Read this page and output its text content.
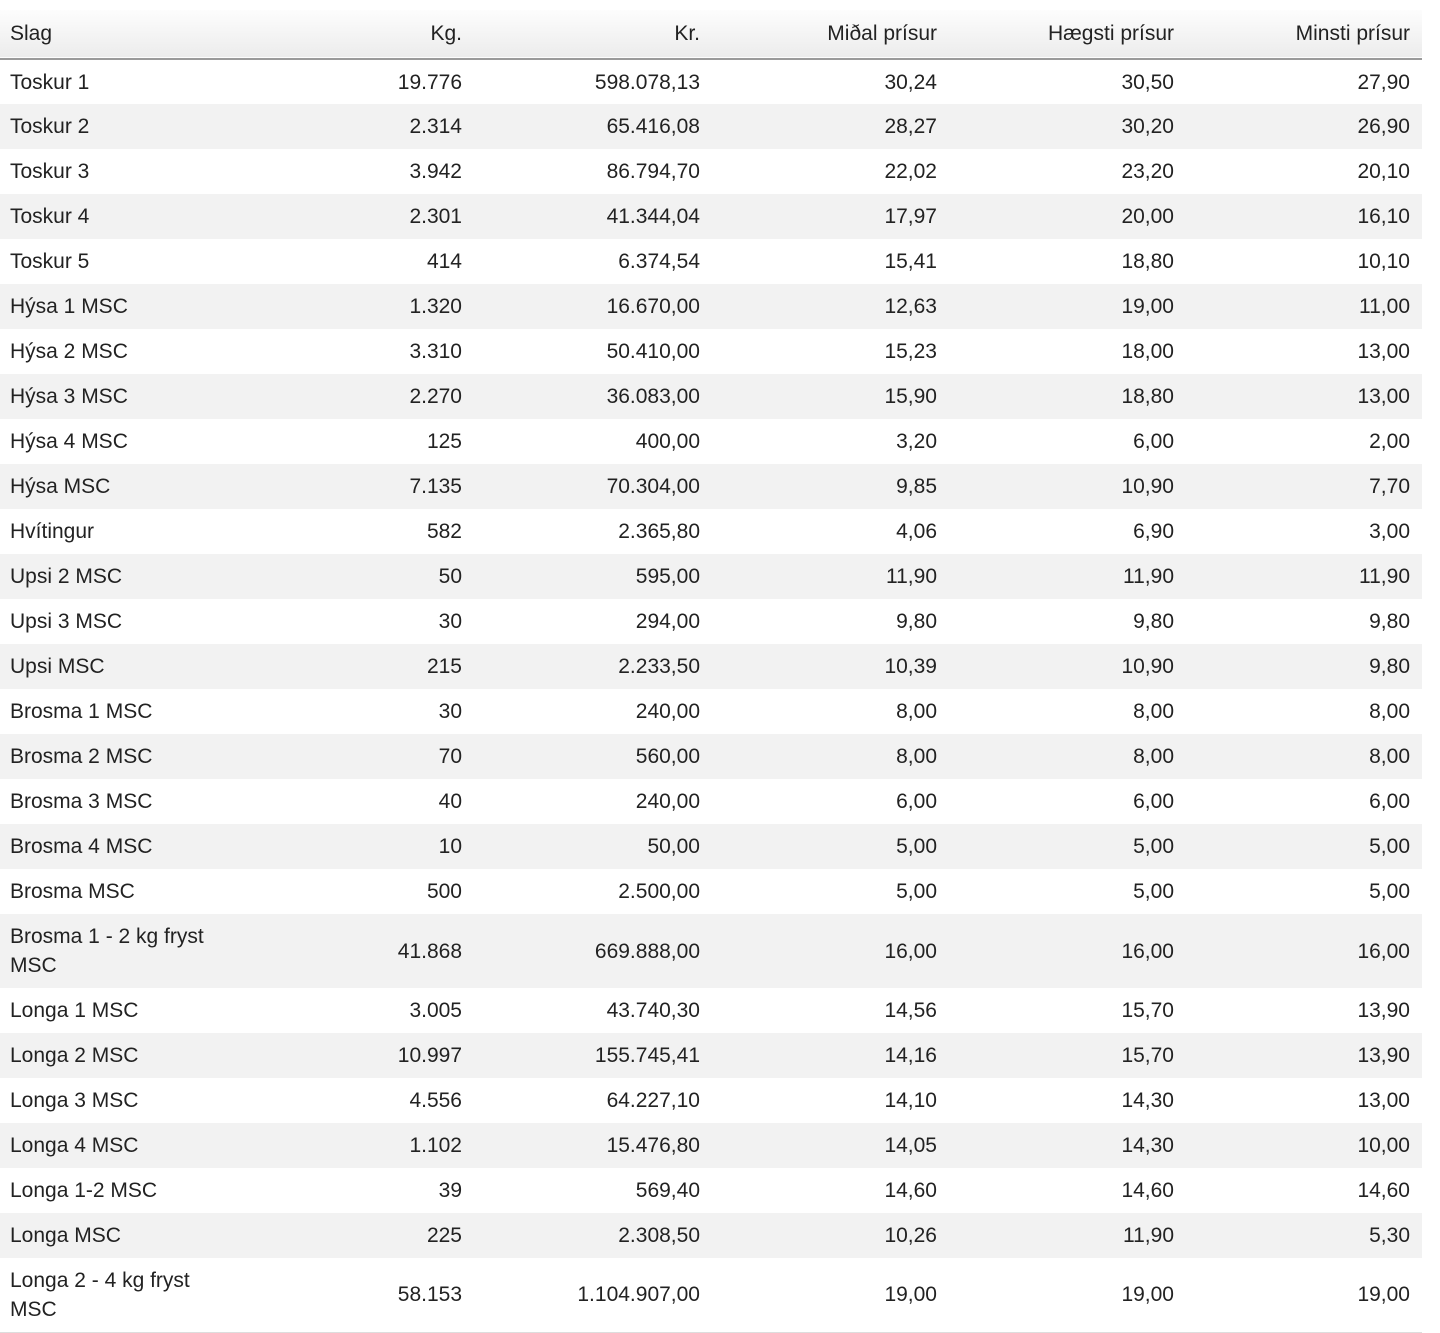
Slag	Kg.	Kr.	Miðal prísur	Hægsti prísur	Minsti prísur
Toskur 1	19.776	598.078,13	30,24	30,50	27,90
Toskur 2	2.314	65.416,08	28,27	30,20	26,90
Toskur 3	3.942	86.794,70	22,02	23,20	20,10
Toskur 4	2.301	41.344,04	17,97	20,00	16,10
Toskur 5	414	6.374,54	15,41	18,80	10,10
Hýsa 1 MSC	1.320	16.670,00	12,63	19,00	11,00
Hýsa 2 MSC	3.310	50.410,00	15,23	18,00	13,00
Hýsa 3 MSC	2.270	36.083,00	15,90	18,80	13,00
Hýsa 4 MSC	125	400,00	3,20	6,00	2,00
Hýsa MSC	7.135	70.304,00	9,85	10,90	7,70
Hvítingur	582	2.365,80	4,06	6,90	3,00
Upsi 2 MSC	50	595,00	11,90	11,90	11,90
Upsi 3 MSC	30	294,00	9,80	9,80	9,80
Upsi MSC	215	2.233,50	10,39	10,90	9,80
Brosma 1 MSC	30	240,00	8,00	8,00	8,00
Brosma 2 MSC	70	560,00	8,00	8,00	8,00
Brosma 3 MSC	40	240,00	6,00	6,00	6,00
Brosma 4 MSC	10	50,00	5,00	5,00	5,00
Brosma MSC	500	2.500,00	5,00	5,00	5,00
Brosma 1 - 2 kg fryst MSC	41.868	669.888,00	16,00	16,00	16,00
Longa 1 MSC	3.005	43.740,30	14,56	15,70	13,90
Longa 2 MSC	10.997	155.745,41	14,16	15,70	13,90
Longa 3 MSC	4.556	64.227,10	14,10	14,30	13,00
Longa 4 MSC	1.102	15.476,80	14,05	14,30	10,00
Longa 1-2 MSC	39	569,40	14,60	14,60	14,60
Longa MSC	225	2.308,50	10,26	11,90	5,30
Longa 2 - 4 kg fryst MSC	58.153	1.104.907,00	19,00	19,00	19,00
